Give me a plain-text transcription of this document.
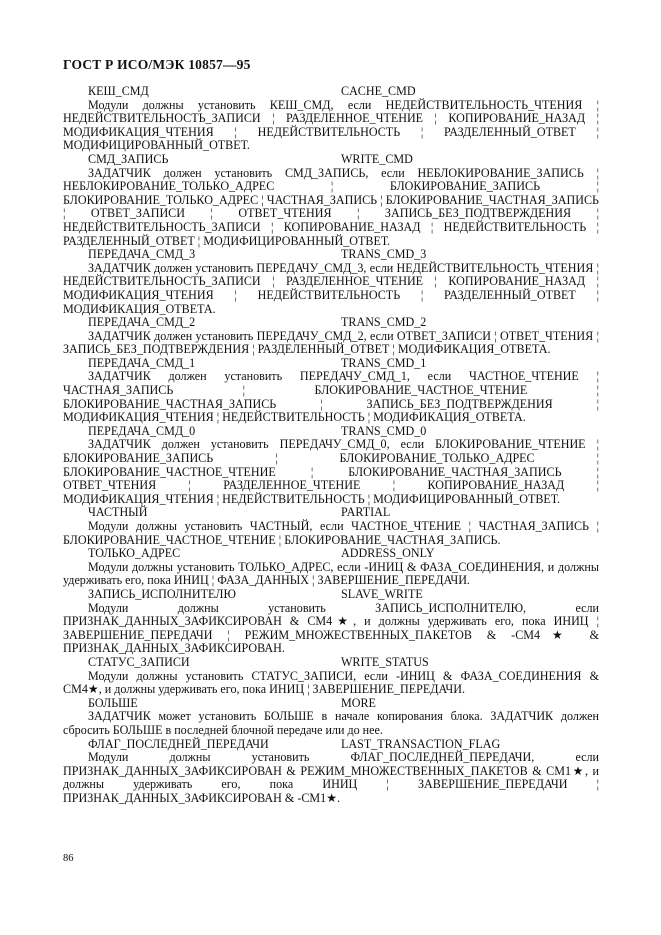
ГОСТ Р ИСО/МЭК 10857—95
КЕШ_СМД	CACHE_CMD

Модули должны установить КЕШ_СМД, если НЕДЕЙСТВИТЕЛЬНОСТЬ_ЧТЕНИЯ ¦ НЕДЕЙСТВИТЕЛЬНОСТЬ_ЗАПИСИ ¦ РАЗДЕЛЕННОЕ_ЧТЕНИЕ ¦ КОПИРОВАНИЕ_НАЗАД ¦ МОДИФИКАЦИЯ_ЧТЕНИЯ ¦ НЕДЕЙСТВИТЕЛЬНОСТЬ ¦ РАЗДЕЛЕННЫЙ_ОТВЕТ ¦ МОДИФИЦИРОВАННЫЙ_ОТВЕТ.

СМД_ЗАПИСЬ	WRITE_CMD

ЗАДАТЧИК должен установить СМД_ЗАПИСЬ, если НЕБЛОКИРОВАНИЕ_ЗАПИСЬ ¦ НЕБЛОКИРОВАНИЕ_ТОЛЬКО_АДРЕС ¦ БЛОКИРОВАНИЕ_ЗАПИСЬ ¦ БЛОКИРОВАНИЕ_ТОЛЬКО_АДРЕС ¦ ЧАСТНАЯ_ЗАПИСЬ ¦ БЛОКИРОВАНИЕ_ЧАСТНАЯ_ЗАПИСЬ ¦ ОТВЕТ_ЗАПИСИ ¦ ОТВЕТ_ЧТЕНИЯ ¦ ЗАПИСЬ_БЕЗ_ПОДТВЕРЖДЕНИЯ ¦ НЕДЕЙСТВИТЕЛЬНОСТЬ_ЗАПИСИ ¦ КОПИРОВАНИЕ_НАЗАД ¦ НЕДЕЙСТВИТЕЛЬНОСТЬ ¦ РАЗДЕЛЕННЫЙ_ОТВЕТ ¦ МОДИФИЦИРОВАННЫЙ_ОТВЕТ.

ПЕРЕДАЧА_СМД_3	TRANS_CMD_3

ЗАДАТЧИК должен установить ПЕРЕДАЧУ_СМД_3, если НЕДЕЙСТВИТЕЛЬНОСТЬ_ЧТЕНИЯ ¦ НЕДЕЙСТВИТЕЛЬНОСТЬ_ЗАПИСИ ¦ РАЗДЕЛЕННОЕ_ЧТЕНИЕ ¦ КОПИРОВАНИЕ_НАЗАД ¦ МОДИФИКАЦИЯ_ЧТЕНИЯ ¦ НЕДЕЙСТВИТЕЛЬНОСТЬ ¦ РАЗДЕЛЕННЫЙ_ОТВЕТ ¦ МОДИФИКАЦИЯ_ОТВЕТА.

ПЕРЕДАЧА_СМД_2	TRANS_CMD_2

ЗАДАТЧИК должен установить ПЕРЕДАЧУ_СМД_2, если ОТВЕТ_ЗАПИСИ ¦ ОТВЕТ_ЧТЕНИЯ ¦ ЗАПИСЬ_БЕЗ_ПОДТВЕРЖДЕНИЯ ¦ РАЗДЕЛЕННЫЙ_ОТВЕТ ¦ МОДИФИКАЦИЯ_ОТВЕТА.

ПЕРЕДАЧА_СМД_1	TRANS_CMD_1

ЗАДАТЧИК должен установить ПЕРЕДАЧУ_СМД_1, если ЧАСТНОЕ_ЧТЕНИЕ ¦ ЧАСТНАЯ_ЗАПИСЬ ¦ БЛОКИРОВАНИЕ_ЧАСТНОЕ_ЧТЕНИЕ ¦ БЛОКИРОВАНИЕ_ЧАСТНАЯ_ЗАПИСЬ ¦ ЗАПИСЬ_БЕЗ_ПОДТВЕРЖДЕНИЯ ¦ МОДИФИКАЦИЯ_ЧТЕНИЯ ¦ НЕДЕЙСТВИТЕЛЬНОСТЬ ¦ МОДИФИКАЦИЯ_ОТВЕТА.

ПЕРЕДАЧА_СМД_0	TRANS_CMD_0

ЗАДАТЧИК должен установить ПЕРЕДАЧУ_СМД_0, если БЛОКИРОВАНИЕ_ЧТЕНИЕ ¦ БЛОКИРОВАНИЕ_ЗАПИСЬ ¦ БЛОКИРОВАНИЕ_ТОЛЬКО_АДРЕС ¦ БЛОКИРОВАНИЕ_ЧАСТНОЕ_ЧТЕНИЕ ¦ БЛОКИРОВАНИЕ_ЧАСТНАЯ_ЗАПИСЬ ¦ ОТВЕТ_ЧТЕНИЯ ¦ РАЗДЕЛЕННОЕ_ЧТЕНИЕ ¦ КОПИРОВАНИЕ_НАЗАД ¦ МОДИФИКАЦИЯ_ЧТЕНИЯ ¦ НЕДЕЙСТВИТЕЛЬНОСТЬ ¦ МОДИФИЦИРОВАННЫЙ_ОТВЕТ.

ЧАСТНЫЙ	PARTIAL

Модули должны установить ЧАСТНЫЙ, если ЧАСТНОЕ_ЧТЕНИЕ ¦ ЧАСТНАЯ_ЗАПИСЬ ¦ БЛОКИРОВАНИЕ_ЧАСТНОЕ_ЧТЕНИЕ ¦ БЛОКИРОВАНИЕ_ЧАСТНАЯ_ЗАПИСЬ.

ТОЛЬКО_АДРЕС	ADDRESS_ONLY

Модули должны установить ТОЛЬКО_АДРЕС, если -ИНИЦ & ФАЗА_СОЕДИНЕНИЯ, и должны удерживать его, пока ИНИЦ ¦ ФАЗА_ДАННЫХ ¦ ЗАВЕРШЕНИЕ_ПЕРЕДАЧИ.

ЗАПИСЬ_ИСПОЛНИТЕЛЮ	SLAVE_WRITE

Модули должны установить ЗАПИСЬ_ИСПОЛНИТЕЛЮ, если ПРИЗНАК_ДАННЫХ_ЗАФИКСИРОВАН & СМ4★, и должны удерживать его, пока ИНИЦ ¦ ЗАВЕРШЕНИЕ_ПЕРЕДАЧИ ¦ РЕЖИМ_МНОЖЕСТВЕННЫХ_ПАКЕТОВ & -СМ4★ & ПРИЗНАК_ДАННЫХ_ЗАФИКСИРОВАН.

СТАТУС_ЗАПИСИ	WRITE_STATUS

Модули должны установить СТАТУС_ЗАПИСИ, если -ИНИЦ & ФАЗА_СОЕДИНЕНИЯ & СМ4★, и должны удерживать его, пока ИНИЦ ¦ ЗАВЕРШЕНИЕ_ПЕРЕДАЧИ.

БОЛЬШЕ	MORE

ЗАДАТЧИК может установить БОЛЬШЕ в начале копирования блока. ЗАДАТЧИК должен сбросить БОЛЬШЕ в последней блочной передаче или до нее.

ФЛАГ_ПОСЛЕДНЕЙ_ПЕРЕДАЧИ	LAST_TRANSACTION_FLAG

Модули должны установить ФЛАГ_ПОСЛЕДНЕЙ_ПЕРЕДАЧИ, если ПРИЗНАК_ДАННЫХ_ЗАФИКСИРОВАН & РЕЖИМ_МНОЖЕСТВЕННЫХ_ПАКЕТОВ & СМ1★, и должны удерживать его, пока ИНИЦ ¦ ЗАВЕРШЕНИЕ_ПЕРЕДАЧИ ¦ ПРИЗНАК_ДАННЫХ_ЗАФИКСИРОВАН & -СМ1★.

86
